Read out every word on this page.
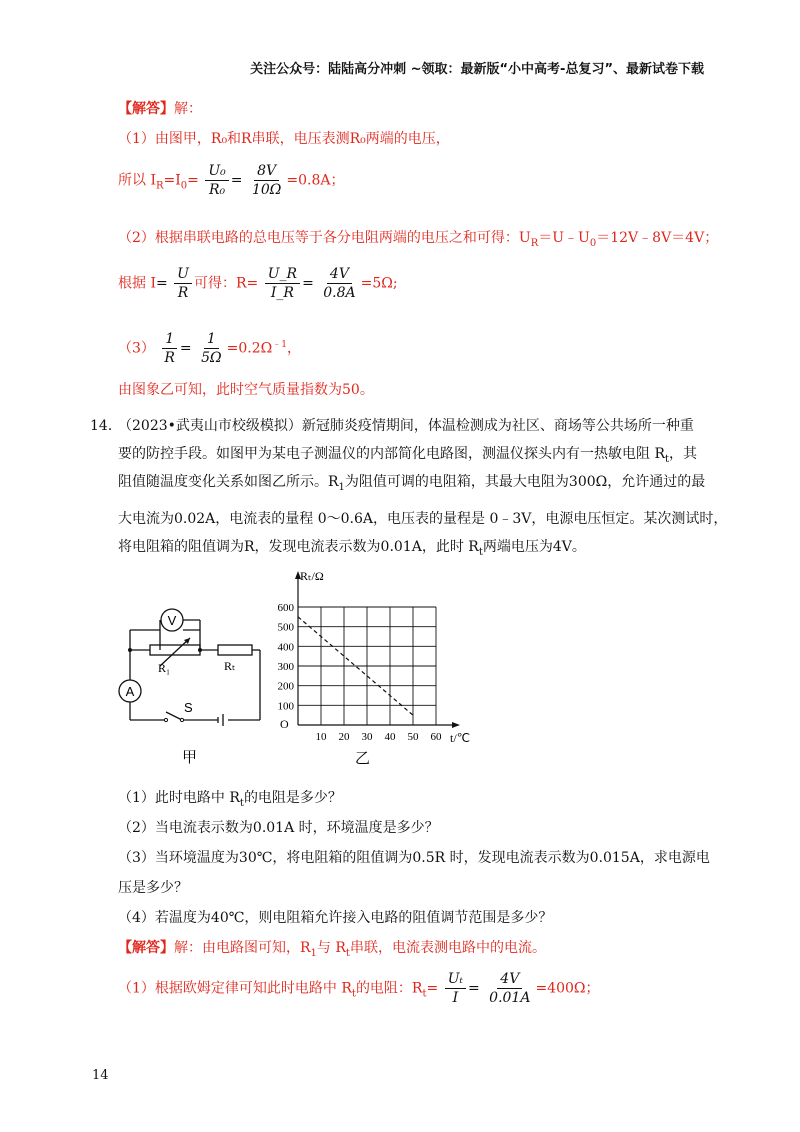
关注公众号：陆陆高分冲刺 ~领取：最新版“小中高考-总复习”、最新试卷下载
【解答】解：
（1）由图甲，R₀和R串联，电压表测R₀两端的电压，
所以 $I_R=I_0= \frac{\text{U₀}}{\text{R₀}} = \frac{8V}{10\Omega} =0.8A$；
（2）根据串联电路的总电压等于各分电阻两端的电压之和可得：$U_R=U﹣U_0=12V﹣8V=4V$；
根据 $I= \frac{U}{R}$ 可得：$R= \frac{U\_R}{I\_R} = \frac{4V}{0.8A} =5\Omega$;
$(3) \frac{1}{R} = \frac{1}{5\Omega} =0.2\Omega^{﹣1}$，
由图象乙可知，此时空气质量指数为50。
14．
（2023•武夷山市校级模拟）新冠肺炎疫情期间，体温检测成为社区、商场等公共场所一种重
要的防控手段。如图甲为某电子测温仪的内部简化电路图，测温仪探头内有一热敏电阻 $R_t$，其
阻值随温度变化关系如图乙所示。$R_1$为阻值可调的电阻箱，其最大电阻为300Ω，允许通过的最
大电流为0.02A，电流表的量程 0～0.6A，电压表的量程是 0﹣3V，电源电压恒定。某次测试时，
将电阻箱的阻值调为R，发现电流表示数为0.01A，此时 $R_t$两端电压为4V。
V
A
R₁	Rₜ
S
甲
10 20 30 40 50 60
100
200
300
400
500
600
Rₜ/Ω
t/℃
O
乙
（1）此时电路中 $R_t$的电阻是多少？
（2）当电流表示数为0.01A 时，环境温度是多少？
（3）当环境温度为30℃，将电阻箱的阻值调为0.5R 时，发现电流表示数为0.015A，求电源电
压是多少？
（4）若温度为40℃，则电阻箱允许接入电路的阻值调节范围是多少？
【解答】解：由电路图可知，$R_1$与 $R_t$串联，电流表测电路中的电流。
（1）根据欧姆定律可知此时电路中 $R_t$的电阻：$R_t= \frac{\text{Uₜ}}{I} = \frac{4V}{0.01A} =400\Omega$；
14
